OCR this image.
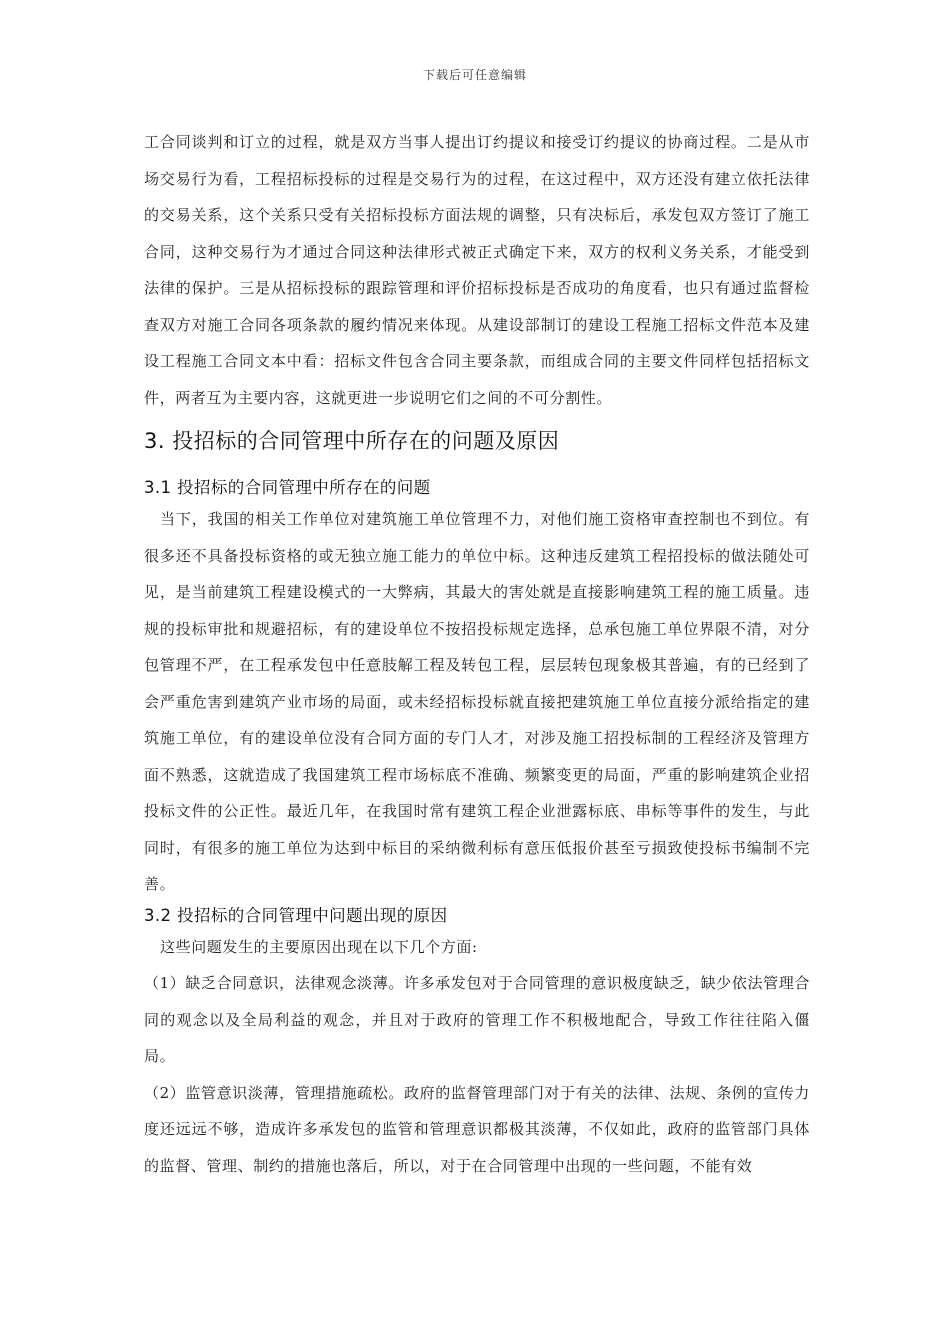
下载后可任意编辑

工合同谈判和订立的过程，就是双方当事人提出订约提议和接受订约提议的协商过程。二是从市场交易行为看，工程招标投标的过程是交易行为的过程，在这过程中，双方还没有建立依托法律的交易关系，这个关系只受有关招标投标方面法规的调整，只有决标后，承发包双方签订了施工合同，这种交易行为才通过合同这种法律形式被正式确定下来，双方的权利义务关系，才能受到法律的保护。三是从招标投标的跟踪管理和评价招标投标是否成功的角度看，也只有通过监督检查双方对施工合同各项条款的履约情况来体现。从建设部制订的建设工程施工招标文件范本及建设工程施工合同文本中看：招标文件包含合同主要条款，而组成合同的主要文件同样包括招标文件，两者互为主要内容，这就更进一步说明它们之间的不可分割性。

3. 投招标的合同管理中所存在的问题及原因
3.1 投招标的合同管理中所存在的问题

当下，我国的相关工作单位对建筑施工单位管理不力，对他们施工资格审查控制也不到位。有很多还不具备投标资格的或无独立施工能力的单位中标。这种违反建筑工程招投标的做法随处可见，是当前建筑工程建设模式的一大弊病，其最大的害处就是直接影响建筑工程的施工质量。违规的投标审批和规避招标，有的建设单位不按招投标规定选择，总承包施工单位界限不清，对分包管理不严，在工程承发包中任意肢解工程及转包工程，层层转包现象极其普遍，有的已经到了会严重危害到建筑产业市场的局面，或未经招标投标就直接把建筑施工单位直接分派给指定的建筑施工单位，有的建设单位没有合同方面的专门人才，对涉及施工招投标制的工程经济及管理方面不熟悉，这就造成了我国建筑工程市场标底不准确、频繁变更的局面，严重的影响建筑企业招投标文件的公正性。最近几年，在我国时常有建筑工程企业泄露标底、串标等事件的发生，与此同时，有很多的施工单位为达到中标目的采纳微利标有意压低报价甚至亏损致使投标书编制不完善。

3.2 投招标的合同管理中问题出现的原因

这些问题发生的主要原因出现在以下几个方面:

（1）缺乏合同意识，法律观念淡薄。许多承发包对于合同管理的意识极度缺乏，缺少依法管理合同的观念以及全局利益的观念，并且对于政府的管理工作不积极地配合，导致工作往往陷入僵局。

（2）监管意识淡薄，管理措施疏松。政府的监督管理部门对于有关的法律、法规、条例的宣传力度还远远不够，造成许多承发包的监管和管理意识都极其淡薄，不仅如此，政府的监管部门具体的监督、管理、制约的措施也落后，所以，对于在合同管理中出现的一些问题，不能有效
